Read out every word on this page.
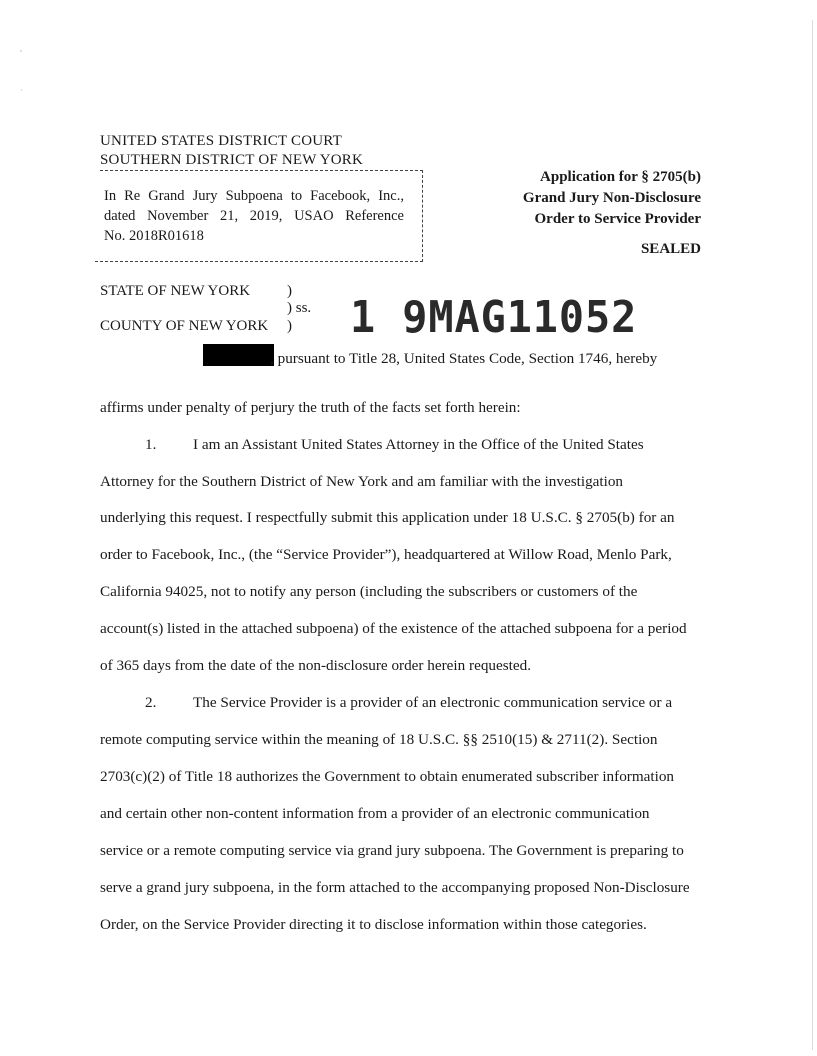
,
`
UNITED STATES DISTRICT COURT
SOUTHERN DISTRICT OF NEW YORK
In Re Grand Jury Subpoena to Facebook, Inc.,
dated November 21, 2019, USAO Reference
No. 2018R01618
Application for § 2705(b)
Grand Jury Non-Disclosure
Order to Service Provider
SEALED
STATE OF NEW YORK )
) ss.
COUNTY OF NEW YORK ) 1 9MAG11052
, pursuant to Title 28, United States Code, Section 1746, hereby
affirms under penalty of perjury the truth of the facts set forth herein:
1. I am an Assistant United States Attorney in the Office of the United States
Attorney for the Southern District of New York and am familiar with the investigation
underlying this request. I respectfully submit this application under 18 U.S.C. § 2705(b) for an
order to Facebook, Inc., (the “Service Provider”), headquartered at Willow Road, Menlo Park,
California 94025, not to notify any person (including the subscribers or customers of the
account(s) listed in the attached subpoena) of the existence of the attached subpoena for a period
of 365 days from the date of the non-disclosure order herein requested.
2. The Service Provider is a provider of an electronic communication service or a
remote computing service within the meaning of 18 U.S.C. §§ 2510(15) & 2711(2). Section
2703(c)(2) of Title 18 authorizes the Government to obtain enumerated subscriber information
and certain other non-content information from a provider of an electronic communication
service or a remote computing service via grand jury subpoena. The Government is preparing to
serve a grand jury subpoena, in the form attached to the accompanying proposed Non-Disclosure
Order, on the Service Provider directing it to disclose information within those categories.
